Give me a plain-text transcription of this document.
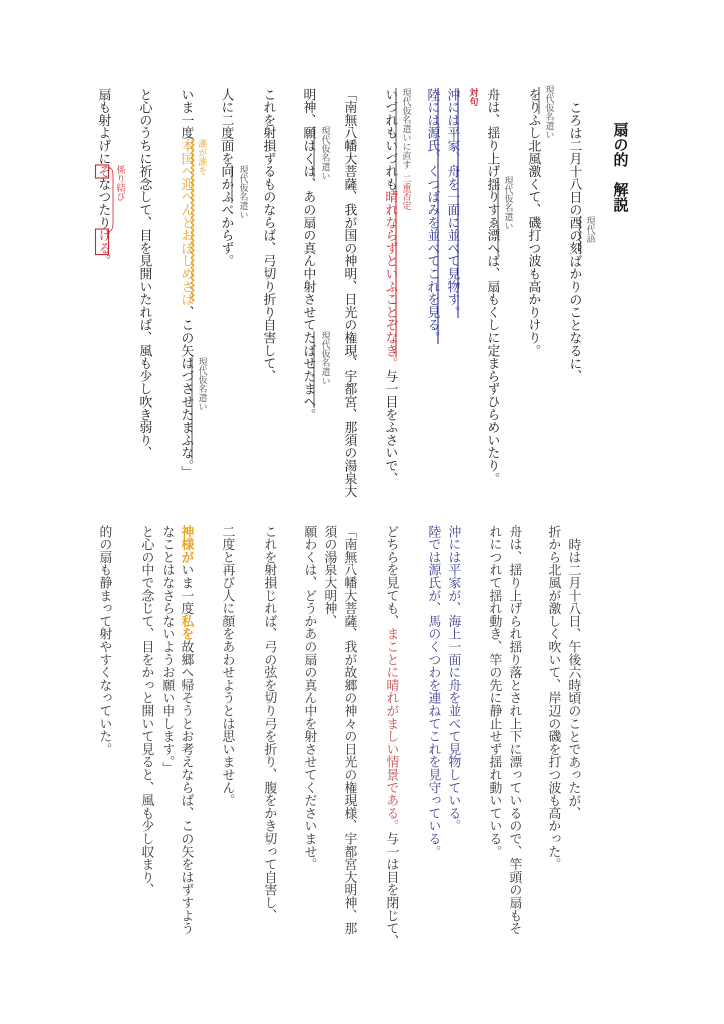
扇の的　解説
ころは二月十八日の酉の刻ばかりのことなるに、
をりふし北風激くて、磯打つ波も高かりけり。
舟は、揺り上げ揺りすゑ漂へば、扇もくしに定まらずひらめいたり。
沖には平家、舟を一面に並べて見物す。
陸には源氏、くつばみを並べてこれを見る。
いづれもいづれも晴れならずといふことぞなき。与一目をふさいで、
「南無八幡大菩薩、我が国の神明、日光の権現、宇都宮、那須の湯泉大
明神、願はくは、あの扇の真ん中射させてたばせたまへ。
これを射損ずるものならば、弓切り折り自害して、
人に二度面を向かふべからず。
いま一度本国へ迎へんとおぼしめさば、この矢はづさせたまふな。」
と心のうちに祈念して、目を見開いたれば、風も少し吹き弱り、
扇も射よげにぞなつたりける。
現代語
現代仮名遣い
現代仮名遣い
対句
現代仮名遣いに直す
二重否定
現代仮名遣い
現代仮名遣い
現代仮名遣い
誰が誰を
現代仮名遣い
係り結び
時は二月十八日、午後六時頃のことであったが、
折から北風が激しく吹いて、岸辺の磯を打つ波も高かった。
舟は、揺り上げられ揺り落とされ上下に漂っているので、竿頭の扇もそ
れにつれて揺れ動き、竿の先に静止せず揺れ動いている。
沖には平家が、海上一面に舟を並べて見物している。
陸では源氏が、馬のくつわを連ねてこれを見守っている。
どちらを見ても、まことに晴れがましい情景である。与一は目を閉じて、
「南無八幡大菩薩、我が故郷の神々の日光の権現様、宇都宮大明神、那
須の湯泉大明神、
願わくは、どうかあの扇の真ん中を射させてくださいませ。
これを射損じれば、弓の弦を切り弓を折り、腹をかき切って自害し、
二度と再び人に顔をあわせようとは思いません。
神様がいま一度私を故郷へ帰そうとお考えならば、この矢をはずすよう
なことはなさらないようお願い申します。」
と心の中で念じて、目をかっと開いて見ると、風も少し収まり、
的の扇も静まって射やすくなっていた。
